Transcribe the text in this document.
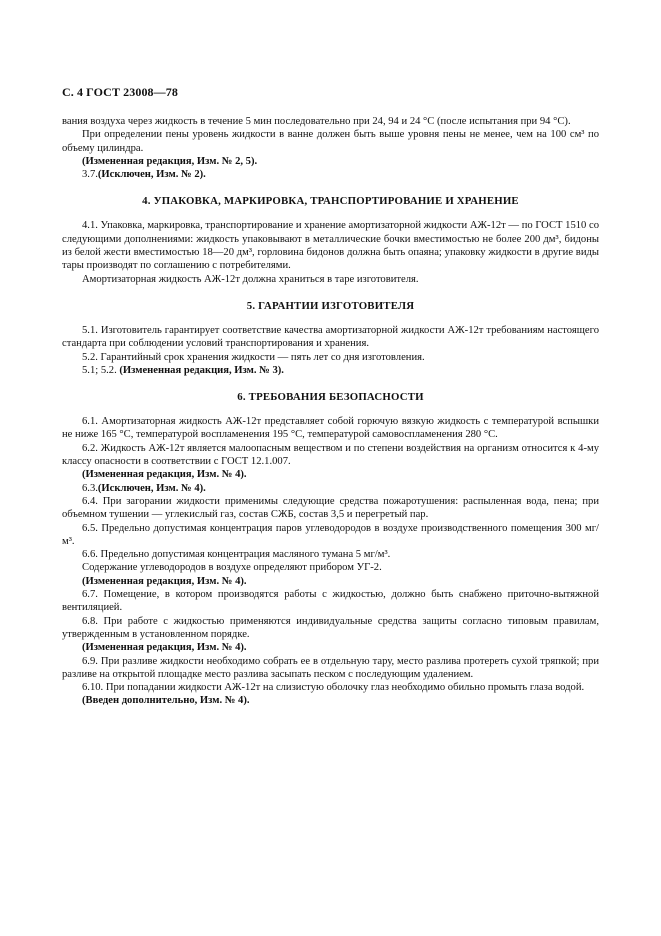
С. 4 ГОСТ 23008—78

вания воздуха через жидкость в течение 5 мин последовательно при 24, 94 и 24 °С (после испытания при 94 °С).

При определении пены уровень жидкости в ванне должен быть выше уровня пены не менее, чем на 100 см³ по объему цилиндра.

(Измененная редакция, Изм. № 2, 5).

3.7.(Исключен, Изм. № 2).

4. УПАКОВКА, МАРКИРОВКА, ТРАНСПОРТИРОВАНИЕ И ХРАНЕНИЕ

4.1. Упаковка, маркировка, транспортирование и хранение амортизаторной жидкости АЖ-12т — по ГОСТ 1510 со следующими дополнениями: жидкость упаковывают в металлические бочки вместимостью не более 200 дм³, бидоны из белой жести вместимостью 18—20 дм³, горловина бидонов должна быть опаяна; упаковку жидкости в другие виды тары производят по соглашению с потребителями.

Амортизаторная жидкость АЖ-12т должна храниться в таре изготовителя.

5. ГАРАНТИИ ИЗГОТОВИТЕЛЯ

5.1. Изготовитель гарантирует соответствие качества амортизаторной жидкости АЖ-12т требованиям настоящего стандарта при соблюдении условий транспортирования и хранения.

5.2. Гарантийный срок хранения жидкости — пять лет со дня изготовления.

5.1; 5.2. (Измененная редакция, Изм. № 3).

6. ТРЕБОВАНИЯ БЕЗОПАСНОСТИ

6.1. Амортизаторная жидкость АЖ-12т представляет собой горючую вязкую жидкость с температурой вспышки не ниже 165 °С, температурой воспламенения 195 °С, температурой самовоспламенения 280 °С.

6.2. Жидкость АЖ-12т является малоопасным веществом и по степени воздействия на организм относится к 4-му классу опасности в соответствии с ГОСТ 12.1.007.

(Измененная редакция, Изм. № 4).

6.3.(Исключен, Изм. № 4).

6.4. При загорании жидкости применимы следующие средства пожаротушения: распыленная вода, пена; при объемном тушении — углекислый газ, состав СЖБ, состав 3,5 и перегретый пар.

6.5. Предельно допустимая концентрация паров углеводородов в воздухе производственного помещения 300 мг/м³.

6.6. Предельно допустимая концентрация масляного тумана 5 мг/м³.

Содержание углеводородов в воздухе определяют прибором УГ-2.

(Измененная редакция, Изм. № 4).

6.7. Помещение, в котором производятся работы с жидкостью, должно быть снабжено приточно-вытяжной вентиляцией.

6.8. При работе с жидкостью применяются индивидуальные средства защиты согласно типовым правилам, утвержденным в установленном порядке.

(Измененная редакция, Изм. № 4).

6.9. При разливе жидкости необходимо собрать ее в отдельную тару, место разлива протереть сухой тряпкой; при разливе на открытой площадке место разлива засыпать песком с последующим удалением.

6.10. При попадании жидкости АЖ-12т на слизистую оболочку глаз необходимо обильно промыть глаза водой.

(Введен дополнительно, Изм. № 4).
